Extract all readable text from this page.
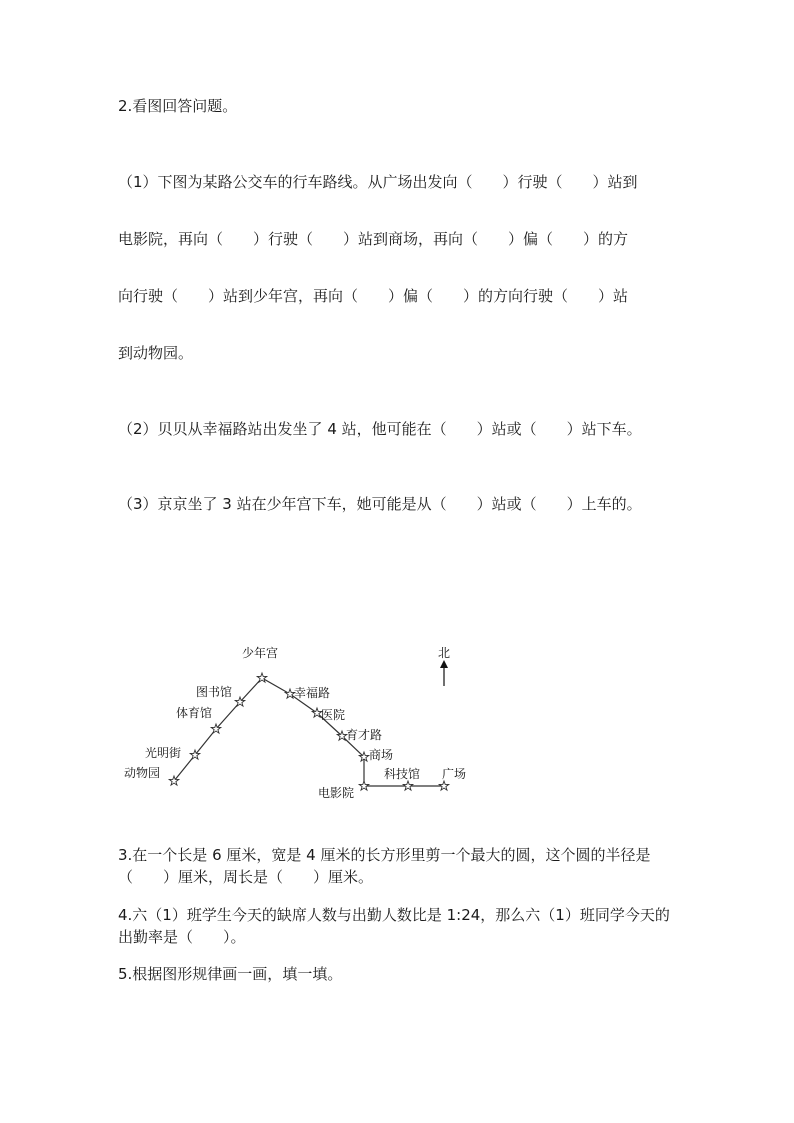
2.看图回答问题。
（1）下图为某路公交车的行车路线。从广场出发向（　　）行驶（　　）站到
电影院，再向（　　）行驶（　　）站到商场，再向（　　）偏（　　）的方
向行驶（　　）站到少年宫，再向（　　）偏（　　）的方向行驶（　　）站
到动物园。
（2）贝贝从幸福路站出发坐了 4 站，他可能在（　　）站或（　　）站下车。
（3）京京坐了 3 站在少年宫下车，她可能是从（　　）站或（　　）上车的。
少年宫
图书馆
体育馆
光明街
动物园
幸福路
医院
育才路
商场
电影院
科技馆 广场
北
3.在一个长是 6 厘米，宽是 4 厘米的长方形里剪一个最大的圆，这个圆的半径是（　　）厘米，周长是（　　）厘米。
4.六（1）班学生今天的缺席人数与出勤人数比是 1:24，那么六（1）班同学今天的出勤率是（　　）。
5.根据图形规律画一画，填一填。
